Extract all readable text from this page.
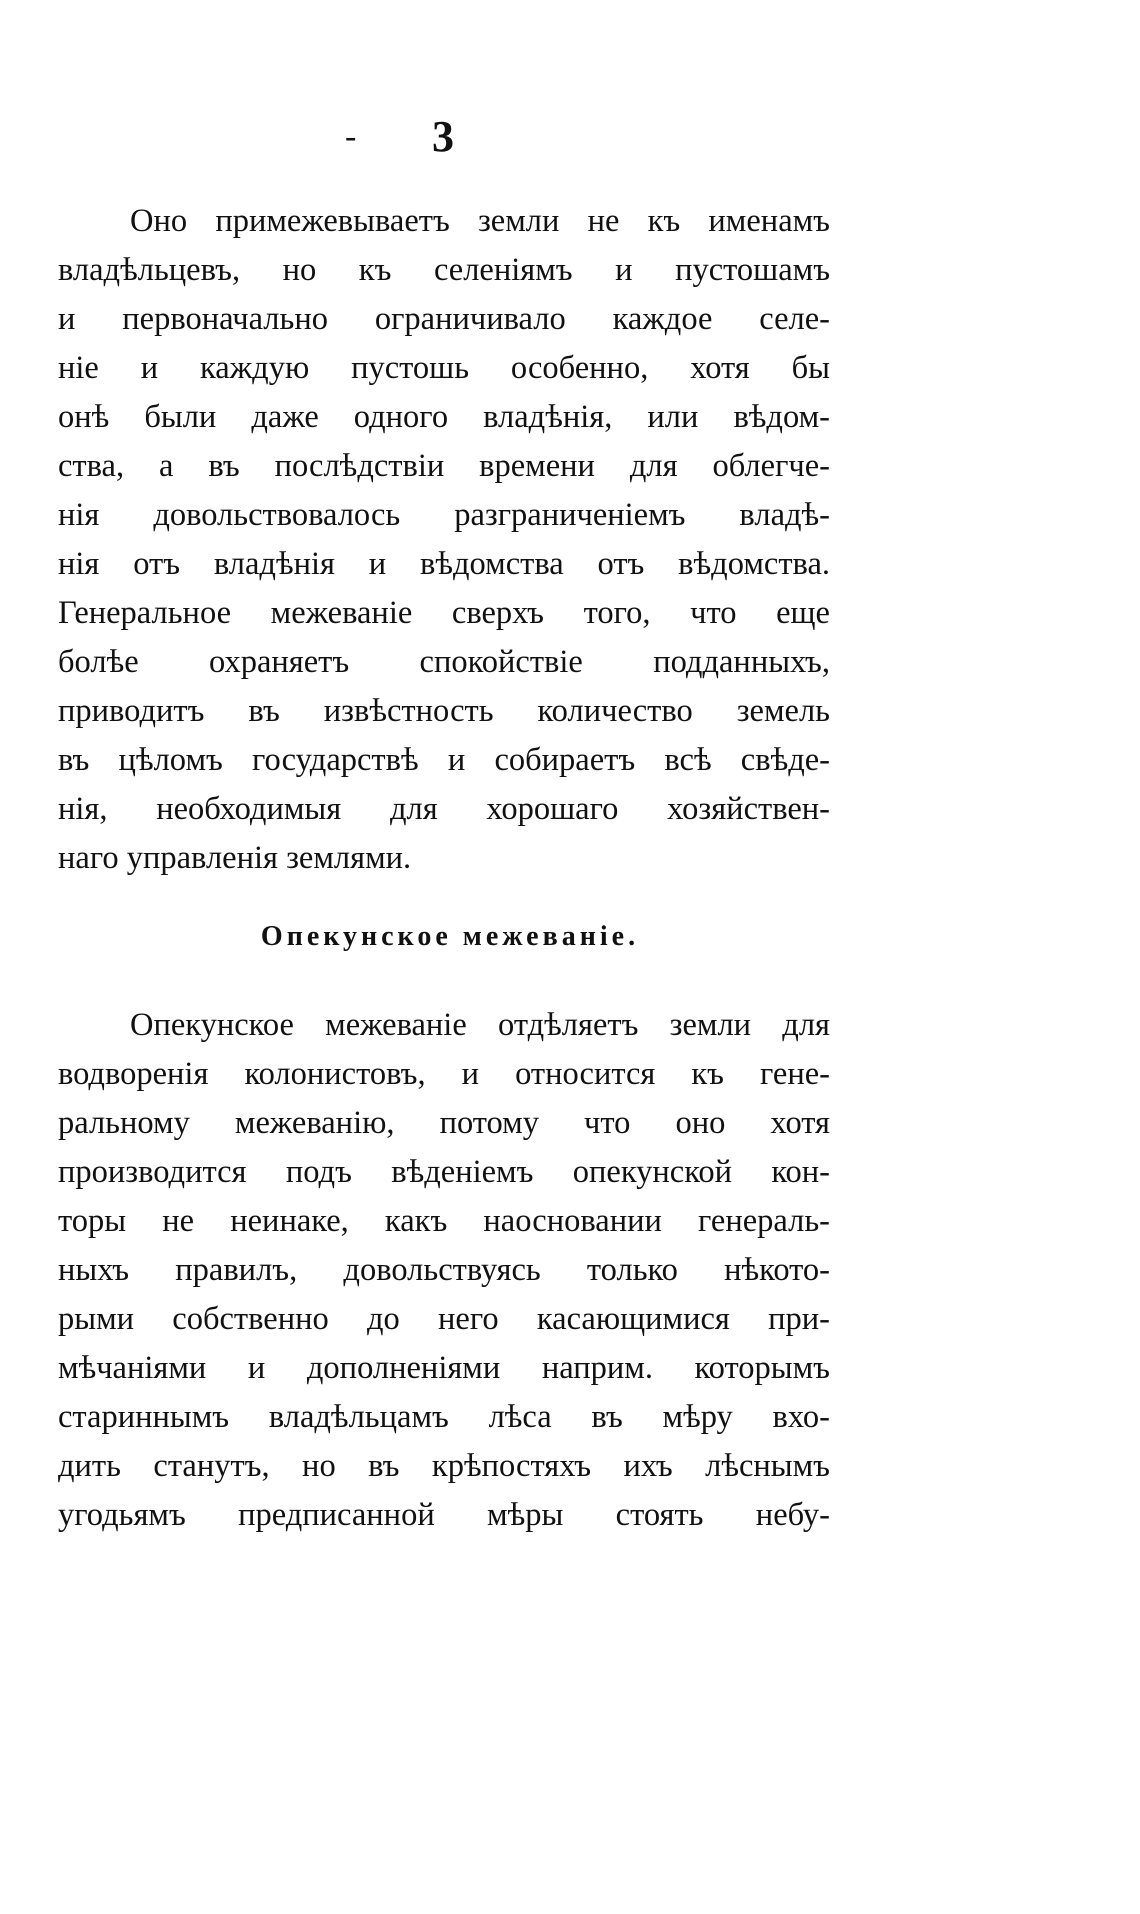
- 3
Оно примежевываетъ земли не къ именамъ
владѣльцевъ, но къ селеніямъ и пустошамъ
и первоначально ограничивало каждое селе-
ніе и каждую пустошь особенно, хотя бы
онѣ были даже одного владѣнія, или вѣдом-
ства, а въ послѣдствіи времени для облегче-
нія довольствовалось разграниченіемъ владѣ-
нія отъ владѣнія и вѣдомства отъ вѣдомства.
Генеральное межеваніе сверхъ того, что еще
болѣе охраняетъ спокойствіе подданныхъ,
приводитъ въ извѣстность количество земель
въ цѣломъ государствѣ и собираетъ всѣ свѣде-
нія, необходимыя для хорошаго хозяйствен-
наго управленія землями.
Опекунское межеваніе.
Опекунское межеваніе отдѣляетъ земли для
водворенія колонистовъ, и относится къ гене-
ральному межеванію, потому что оно хотя
производится подъ вѣденіемъ опекунской кон-
торы не неинаке, какъ наосновании генераль-
ныхъ правилъ, довольствуясь только нѣкото-
рыми собственно до него касающимися при-
мѣчаніями и дополненіями наприм. которымъ
стариннымъ владѣльцамъ лѣса въ мѣру вхо-
дить станутъ, но въ крѣпостяхъ ихъ лѣснымъ
угодьямъ предписанной мѣры стоять небу-
